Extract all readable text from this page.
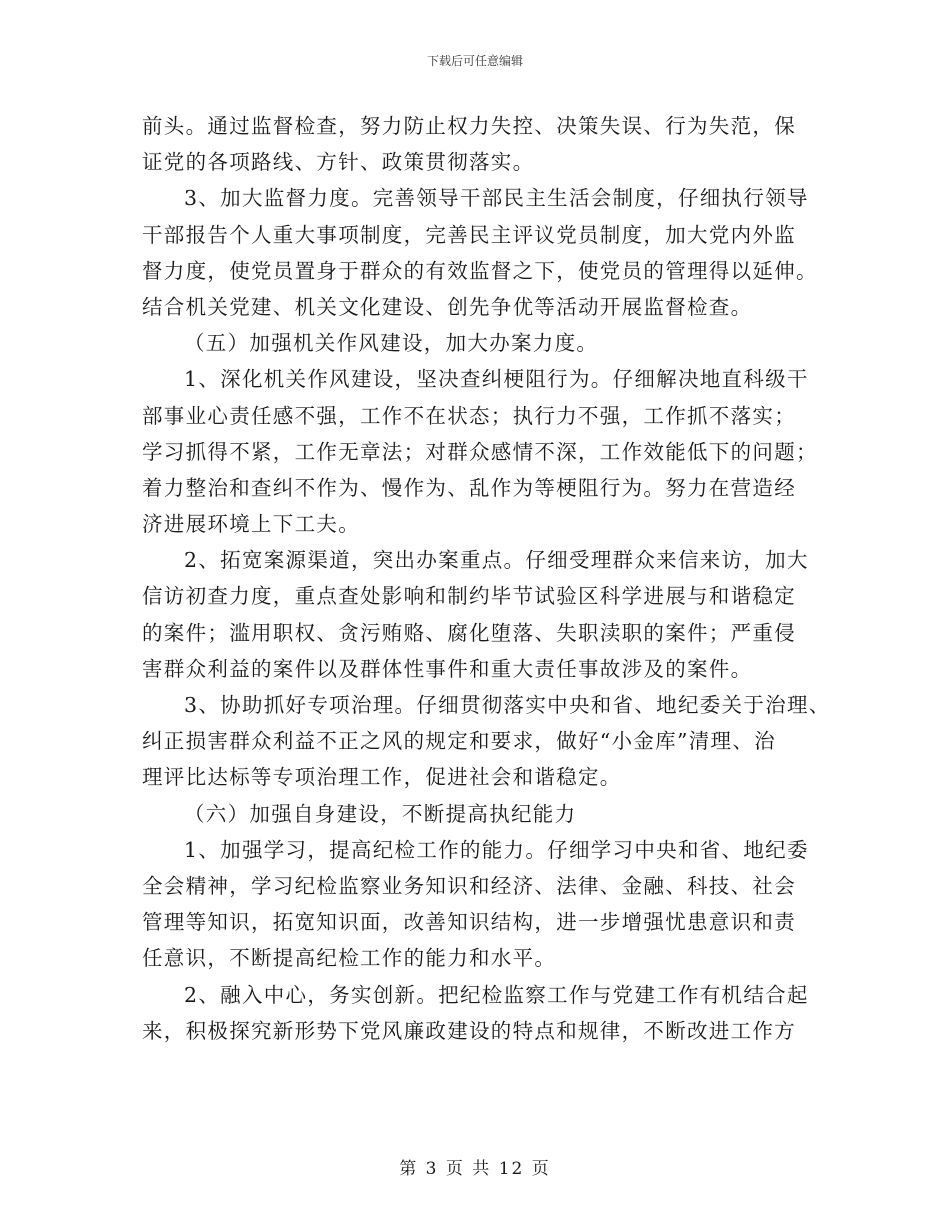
下载后可任意编辑
前头。通过监督检查，努力防止权力失控、决策失误、行为失范，保
证党的各项路线、方针、政策贯彻落实。
3、加大监督力度。完善领导干部民主生活会制度，仔细执行领导
干部报告个人重大事项制度，完善民主评议党员制度，加大党内外监
督力度，使党员置身于群众的有效监督之下，使党员的管理得以延伸。
结合机关党建、机关文化建设、创先争优等活动开展监督检查。
（五）加强机关作风建设，加大办案力度。
1、深化机关作风建设，坚决查纠梗阻行为。仔细解决地直科级干
部事业心责任感不强，工作不在状态；执行力不强，工作抓不落实；
学习抓得不紧，工作无章法；对群众感情不深，工作效能低下的问题；
着力整治和查纠不作为、慢作为、乱作为等梗阻行为。努力在营造经
济进展环境上下工夫。
2、拓宽案源渠道，突出办案重点。仔细受理群众来信来访，加大
信访初查力度，重点查处影响和制约毕节试验区科学进展与和谐稳定
的案件；滥用职权、贪污贿赂、腐化堕落、失职渎职的案件；严重侵
害群众利益的案件以及群体性事件和重大责任事故涉及的案件。
3、协助抓好专项治理。仔细贯彻落实中央和省、地纪委关于治理、
纠正损害群众利益不正之风的规定和要求，做好“小金库”清理、治
理评比达标等专项治理工作，促进社会和谐稳定。
（六）加强自身建设，不断提高执纪能力
1、加强学习，提高纪检工作的能力。仔细学习中央和省、地纪委
全会精神，学习纪检监察业务知识和经济、法律、金融、科技、社会
管理等知识，拓宽知识面，改善知识结构，进一步增强忧患意识和责
任意识，不断提高纪检工作的能力和水平。
2、融入中心，务实创新。把纪检监察工作与党建工作有机结合起
来，积极探究新形势下党风廉政建设的特点和规律，不断改进工作方
第 3 页 共 12 页
